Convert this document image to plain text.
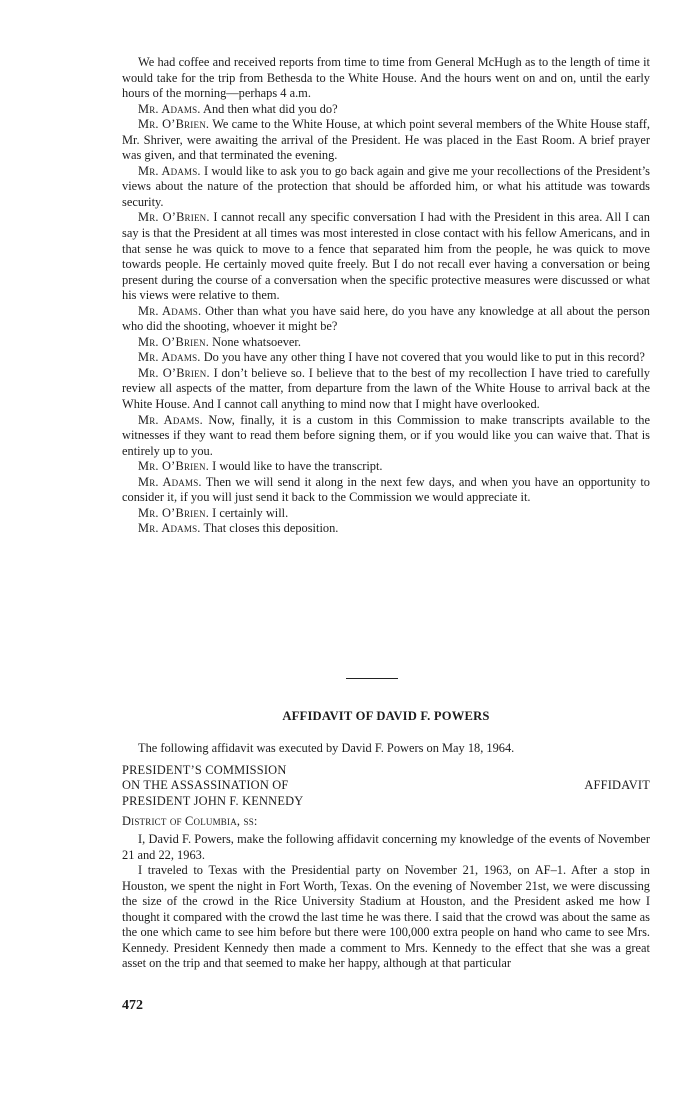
We had coffee and received reports from time to time from General McHugh as to the length of time it would take for the trip from Bethesda to the White House. And the hours went on and on, until the early hours of the morning—perhaps 4 a.m.

Mr. Adams. And then what did you do?

Mr. O’Brien. We came to the White House, at which point several members of the White House staff, Mr. Shriver, were awaiting the arrival of the President. He was placed in the East Room. A brief prayer was given, and that terminated the evening.

Mr. Adams. I would like to ask you to go back again and give me your recollections of the President’s views about the nature of the protection that should be afforded him, or what his attitude was towards security.

Mr. O’Brien. I cannot recall any specific conversation I had with the President in this area. All I can say is that the President at all times was most interested in close contact with his fellow Americans, and in that sense he was quick to move to a fence that separated him from the people, he was quick to move towards people. He certainly moved quite freely. But I do not recall ever having a conversation or being present during the course of a conversation when the specific protective measures were discussed or what his views were relative to them.

Mr. Adams. Other than what you have said here, do you have any knowledge at all about the person who did the shooting, whoever it might be?

Mr. O’Brien. None whatsoever.

Mr. Adams. Do you have any other thing I have not covered that you would like to put in this record?

Mr. O’Brien. I don’t believe so. I believe that to the best of my recollection I have tried to carefully review all aspects of the matter, from departure from the lawn of the White House to arrival back at the White House. And I cannot call anything to mind now that I might have overlooked.

Mr. Adams. Now, finally, it is a custom in this Commission to make transcripts available to the witnesses if they want to read them before signing them, or if you would like you can waive that. That is entirely up to you.

Mr. O’Brien. I would like to have the transcript.

Mr. Adams. Then we will send it along in the next few days, and when you have an opportunity to consider it, if you will just send it back to the Commission we would appreciate it.

Mr. O’Brien. I certainly will.

Mr. Adams. That closes this deposition.

AFFIDAVIT OF DAVID F. POWERS

The following affidavit was executed by David F. Powers on May 18, 1964.

PRESIDENT’S COMMISSION
ON THE ASSASSINATION OF
PRESIDENT JOHN F. KENNEDY
AFFIDAVIT

District of Columbia, ss:

I, David F. Powers, make the following affidavit concerning my knowledge of the events of November 21 and 22, 1963.

I traveled to Texas with the Presidential party on November 21, 1963, on AF–1. After a stop in Houston, we spent the night in Fort Worth, Texas. On the evening of November 21st, we were discussing the size of the crowd in the Rice University Stadium at Houston, and the President asked me how I thought it compared with the crowd the last time he was there. I said that the crowd was about the same as the one which came to see him before but there were 100,000 extra people on hand who came to see Mrs. Kennedy. President Kennedy then made a comment to Mrs. Kennedy to the effect that she was a great asset on the trip and that seemed to make her happy, although at that particular

472
